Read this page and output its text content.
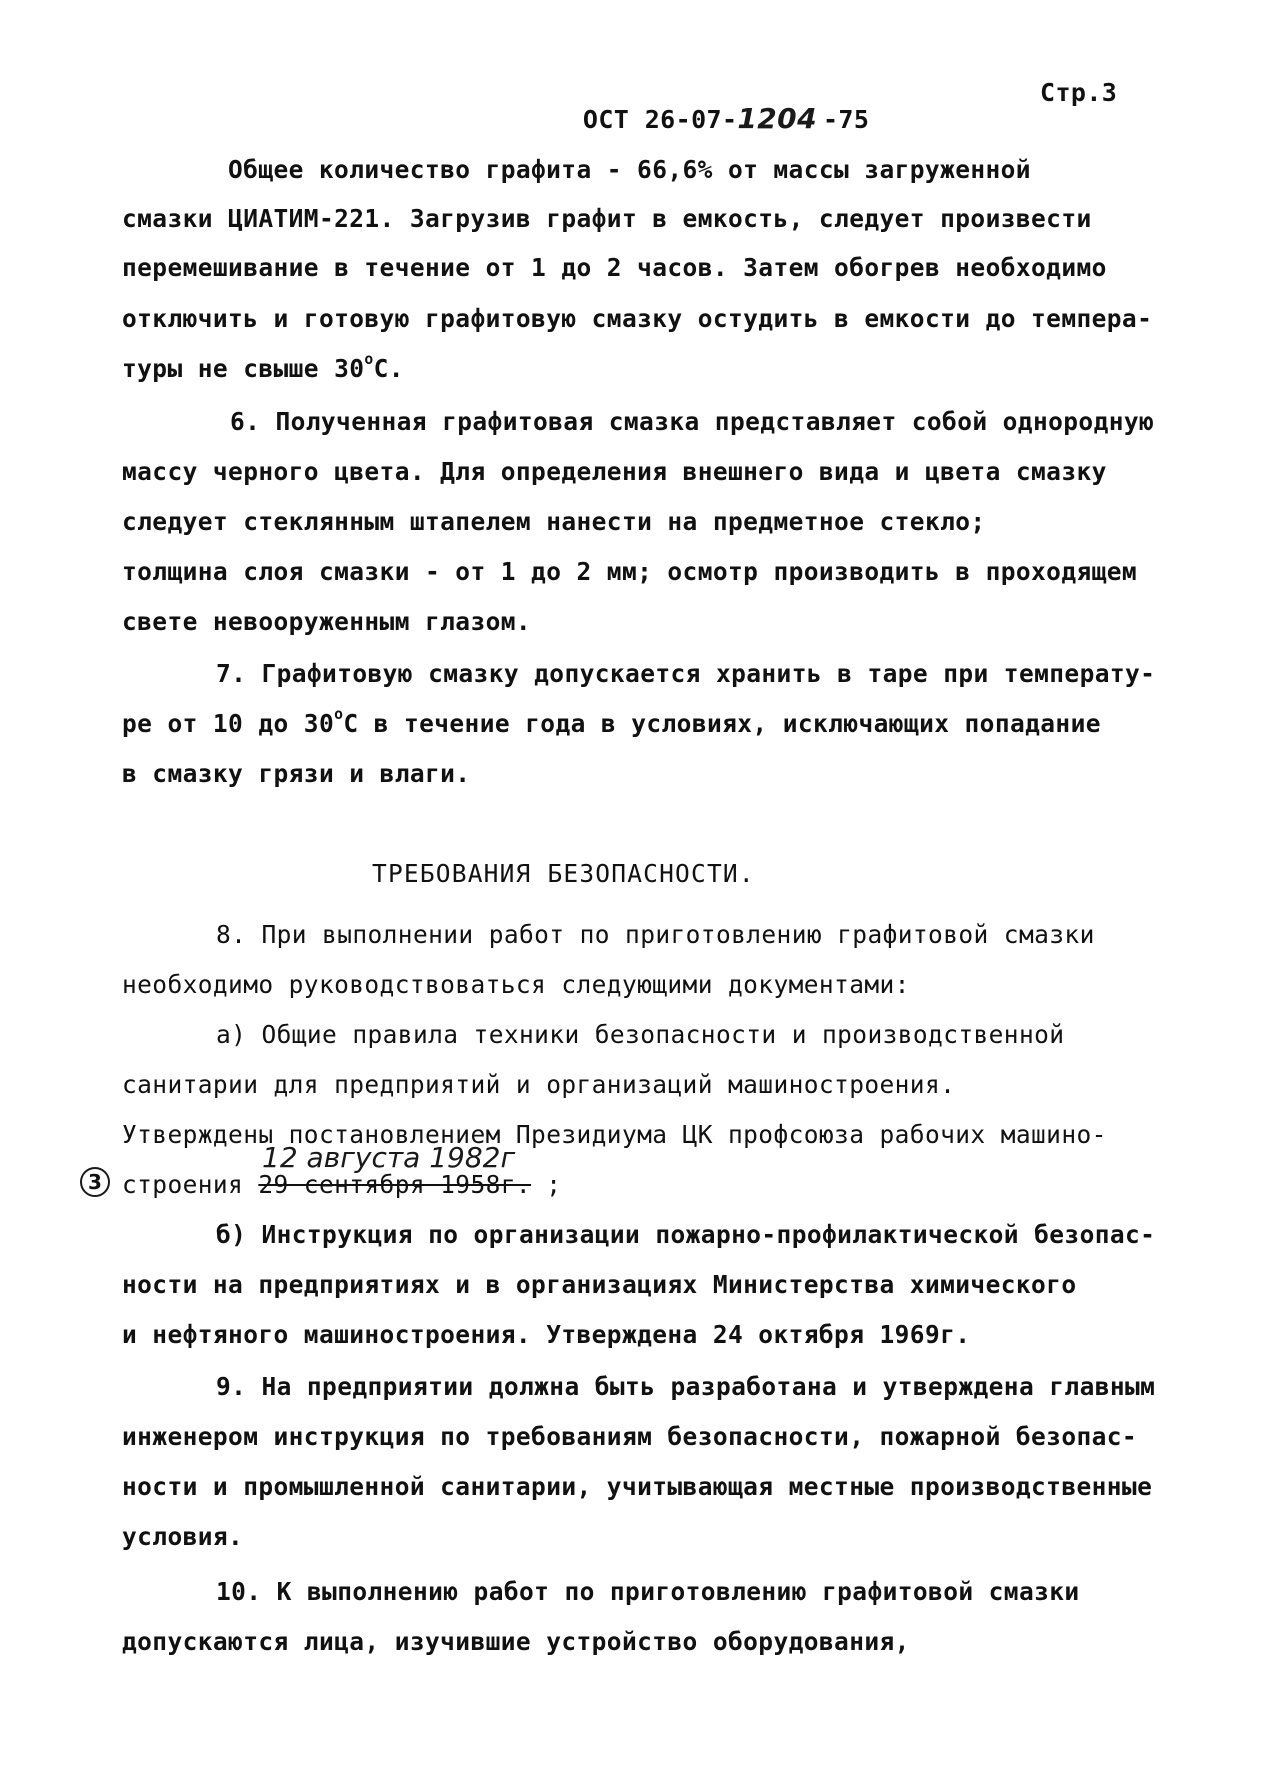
ОСТ 26-07-1204 -75

Стр.3
Общее количество графита - 66,6% от массы загруженной
смазки ЦИАТИМ-221. Загрузив графит в емкость, следует произвести
перемешивание в течение от 1 до 2 часов. Затем обогрев необходимо
отключить и готовую графитовую смазку остудить в емкости до темпера-
туры не свыше $30^оС$.
6. Полученная графитовая смазка представляет собой однородную
массу черного цвета. Для определения внешнего вида и цвета смазку
следует стеклянным штапелем нанести на предметное стекло;
толщина слоя смазки - от 1 до 2 мм; осмотр производить в проходящем
свете невооруженным глазом.
7. Графитовую смазку допускается хранить в таре при температу-
ре от 10 до $30^оС$ в течение года в условиях, исключающих попадание
в смазку грязи и влаги.
ТРЕБОВАНИЯ БЕЗОПАСНОСТИ.
8. При выполнении работ по приготовлению графитовой смазки
необходимо руководствоваться следующими документами:
а) Общие правила техники безопасности и производственной
санитарии для предприятий и организаций машиностроения.
Утверждены постановлением Президиума ЦК профсоюза рабочих машино-
12 августа 1982г
3 строения 29 сентября 1958г. ;
б) Инструкция по организации пожарно-профилактической безопас-
ности на предприятиях и в организациях Министерства химического
и нефтяного машиностроения. Утверждена 24 октября 1969г.
9. На предприятии должна быть разработана и утверждена главным
инженером инструкция по требованиям безопасности, пожарной безопас-
ности и промышленной санитарии, учитывающая местные производственные
условия.
10. К выполнению работ по приготовлению графитовой смазки
допускаются лица, изучившие устройство оборудования,
